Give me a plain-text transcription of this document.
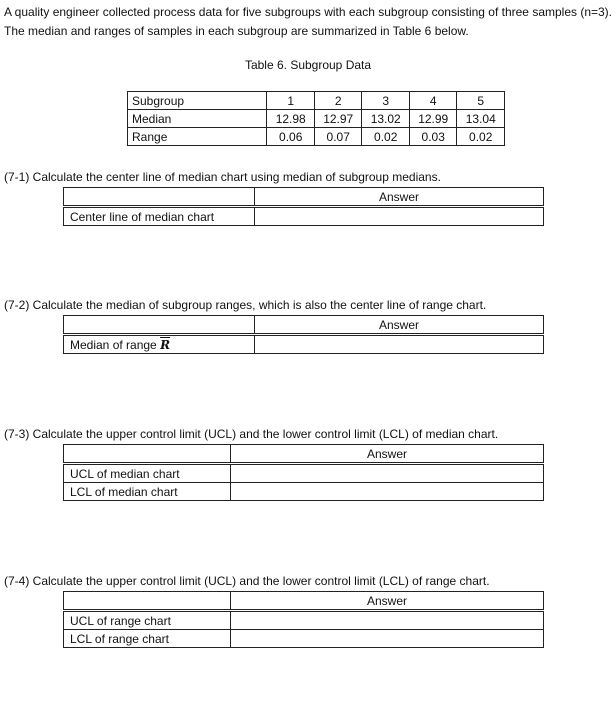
A quality engineer collected process data for five subgroups with each subgroup consisting of three samples (n=3). The median and ranges of samples in each subgroup are summarized in Table 6 below.
Table 6. Subgroup Data
Subgroup	1	2	3	4	5
Median	12.98	12.97	13.02	12.99	13.04
Range	0.06	0.07	0.02	0.03	0.02
(7-1) Calculate the center line of median chart using median of subgroup medians.
	Answer
Center line of median chart	
(7-2) Calculate the median of subgroup ranges, which is also the center line of range chart.
	Answer
Median of range R	
(7-3) Calculate the upper control limit (UCL) and the lower control limit (LCL) of median chart.
	Answer
UCL of median chart	
LCL of median chart	
(7-4) Calculate the upper control limit (UCL) and the lower control limit (LCL) of range chart.
	Answer
UCL of range chart	
LCL of range chart	
